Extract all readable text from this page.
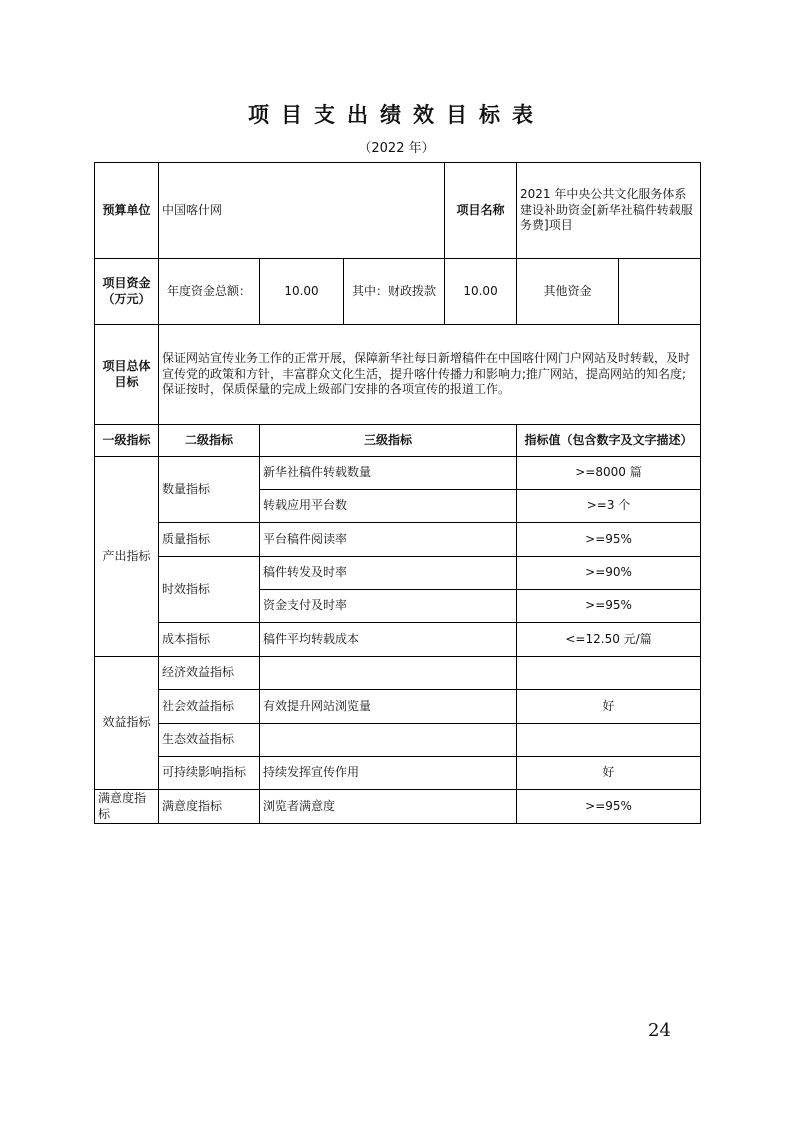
项目支出绩效目标表
（2022 年）
预算单位	中国喀什网			项目名称	2021 年中央公共文化服务体系建设补助资金[新华社稿件转载服务费]项目	
项目资金（万元）	年度资金总额：	10.00	其中：财政拨款	10.00	其他资金	
项目总体目标	保证网站宣传业务工作的正常开展，保障新华社每日新增稿件在中国喀什网门户网站及时转载，及时宣传党的政策和方针，丰富群众文化生活，提升喀什传播力和影响力;推广网站，提高网站的知名度;保证按时，保质保量的完成上级部门安排的各项宣传的报道工作。					
一级指标	二级指标	三级指标			指标值（包含数字及文字描述）	
产出指标	数量指标	新华社稿件转载数量			>=8000 篇	
		转载应用平台数			>=3 个	
	质量指标	平台稿件阅读率			>=95%	
	时效指标	稿件转发及时率			>=90%	
		资金支付及时率			>=95%	
	成本指标	稿件平均转载成本			<=12.50 元/篇	
效益指标	经济效益指标					
	社会效益指标	有效提升网站浏览量			好	
	生态效益指标					
	可持续影响指标	持续发挥宣传作用			好	
满意度指标	满意度指标	浏览者满意度			>=95%	
24
